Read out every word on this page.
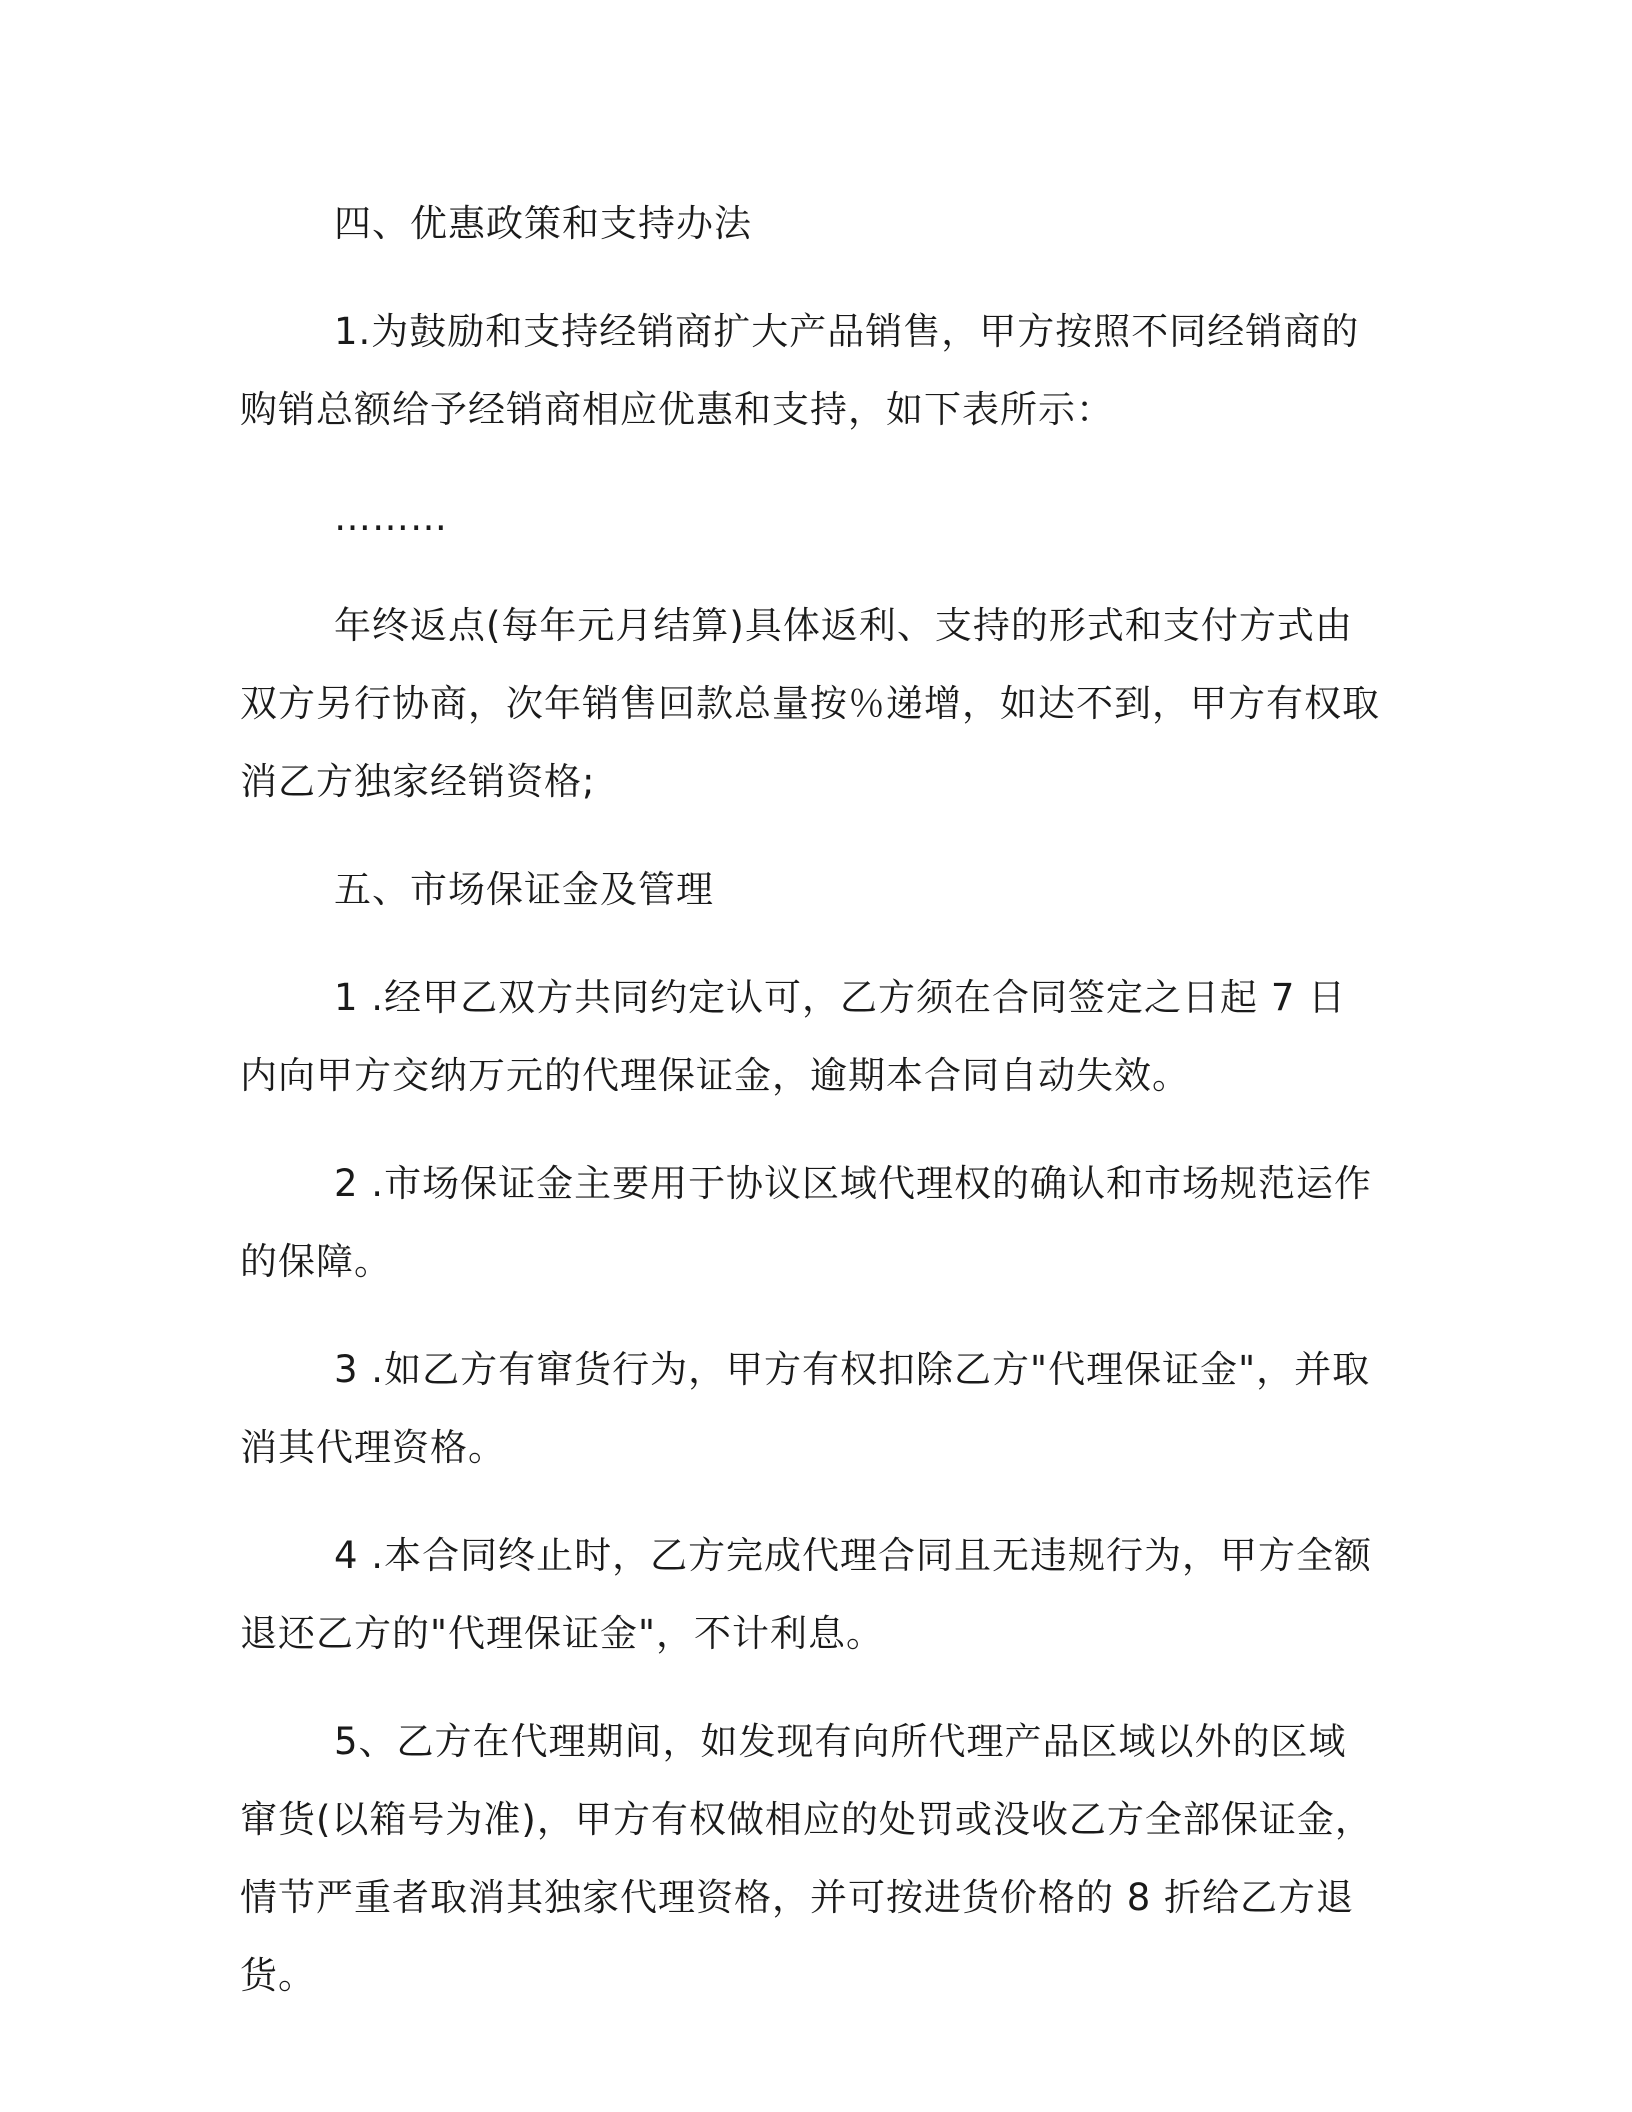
四、优惠政策和支持办法

1.为鼓励和支持经销商扩大产品销售，甲方按照不同经销商的购销总额给予经销商相应优惠和支持，如下表所示：

………

年终返点(每年元月结算)具体返利、支持的形式和支付方式由双方另行协商，次年销售回款总量按％递增，如达不到，甲方有权取消乙方独家经销资格;

五、市场保证金及管理

1 .经甲乙双方共同约定认可，乙方须在合同签定之日起 7 日内向甲方交纳万元的代理保证金，逾期本合同自动失效。

2 .市场保证金主要用于协议区域代理权的确认和市场规范运作的保障。

3 .如乙方有窜货行为，甲方有权扣除乙方"代理保证金"，并取消其代理资格。

4 .本合同终止时，乙方完成代理合同且无违规行为，甲方全额退还乙方的"代理保证金"，不计利息。

5、乙方在代理期间，如发现有向所代理产品区域以外的区域窜货(以箱号为准)，甲方有权做相应的处罚或没收乙方全部保证金，情节严重者取消其独家代理资格，并可按进货价格的 8 折给乙方退货。
